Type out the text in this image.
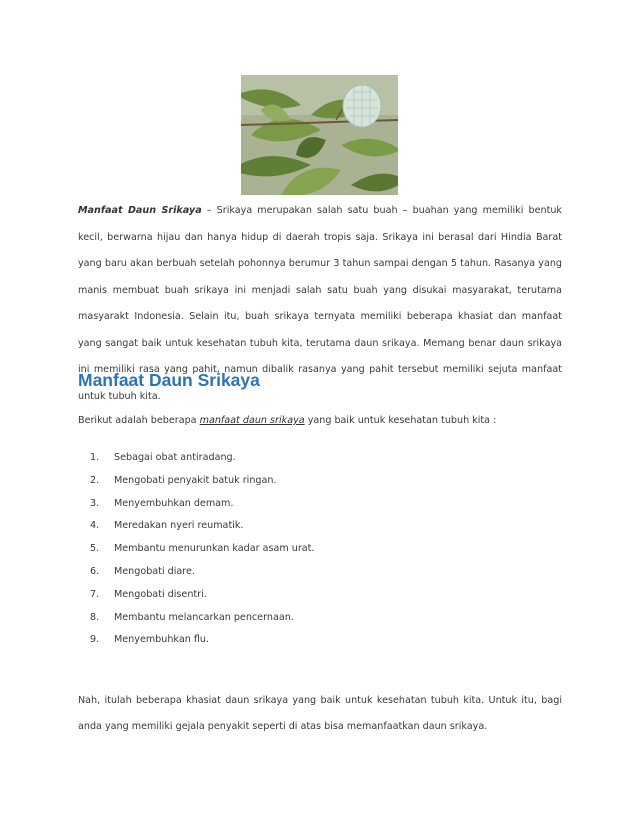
Manfaat Daun Srikaya – Srikaya merupakan salah satu buah – buahan yang memiliki bentuk kecil, berwarna hijau dan hanya hidup di daerah tropis saja. Srikaya ini berasal dari Hindia Barat yang baru akan berbuah setelah pohonnya berumur 3 tahun sampai dengan 5 tahun. Rasanya yang manis membuat buah srikaya ini menjadi salah satu buah yang disukai masyarakat, terutama masyarakt Indonesia. Selain itu, buah srikaya ternyata memiliki beberapa khasiat dan manfaat yang sangat baik untuk kesehatan tubuh kita, terutama daun srikaya. Memang benar daun srikaya ini memiliki rasa yang pahit, namun dibalik rasanya yang pahit tersebut memiliki sejuta manfaat untuk tubuh kita.
Manfaat Daun Srikaya
Berikut adalah beberapa manfaat daun srikaya yang baik untuk kesehatan tubuh kita :
1.	Sebagai obat antiradang.
2.	Mengobati penyakit batuk ringan.
3.	Menyembuhkan demam.
4.	Meredakan nyeri reumatik.
5.	Membantu menurunkan kadar asam urat.
6.	Mengobati diare.
7.	Mengobati disentri.
8.	Membantu melancarkan pencernaan.
9.	Menyembuhkan flu.
Nah, itulah beberapa khasiat daun srikaya yang baik untuk kesehatan tubuh kita. Untuk itu, bagi anda yang memiliki gejala penyakit seperti di atas bisa memanfaatkan daun srikaya.
